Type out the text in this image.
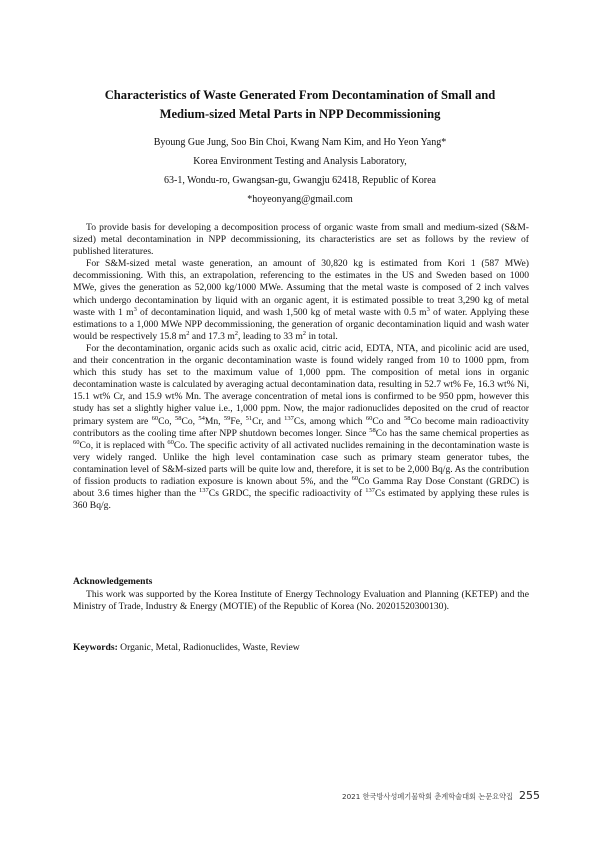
Characteristics of Waste Generated From Decontamination of Small and
Medium-sized Metal Parts in NPP Decommissioning
Byoung Gue Jung, Soo Bin Choi, Kwang Nam Kim, and Ho Yeon Yang*
Korea Environment Testing and Analysis Laboratory,
63-1, Wondu-ro, Gwangsan-gu, Gwangju 62418, Republic of Korea
*hoyeonyang@gmail.com

To provide basis for developing a decomposition process of organic waste from small and medium-sized (S&M-sized) metal decontamination in NPP decommissioning, its characteristics are set as follows by the review of published literatures.

For S&M-sized metal waste generation, an amount of 30,820 kg is estimated from Kori 1 (587 MWe) decommissioning. With this, an extrapolation, referencing to the estimates in the US and Sweden based on 1000 MWe, gives the generation as 52,000 kg/1000 MWe. Assuming that the metal waste is composed of 2 inch valves which undergo decontamination by liquid with an organic agent, it is estimated possible to treat 3,290 kg of metal waste with 1 $m^3$ of decontamination liquid, and wash 1,500 kg of metal waste with 0.5 $m^3$ of water. Applying these estimations to a 1,000 MWe NPP decommissioning, the generation of organic decontamination liquid and wash water would be respectively 15.8 $m^2$ and 17.3 $m^2$, leading to 33 $m^2$ in total.

For the decontamination, organic acids such as oxalic acid, citric acid, EDTA, NTA, and picolinic acid are used, and their concentration in the organic decontamination waste is found widely ranged from 10 to 1000 ppm, from which this study has set to the maximum value of 1,000 ppm. The composition of metal ions in organic decontamination waste is calculated by averaging actual decontamination data, resulting in 52.7 wt% Fe, 16.3 wt% Ni, 15.1 wt% Cr, and 15.9 wt% Mn. The average concentration of metal ions is confirmed to be 950 ppm, however this study has set a slightly higher value i.e., 1,000 ppm. Now, the major radionuclides deposited on the crud of reactor primary system are $^{60}$Co, $^{58}$Co, $^{54}$Mn, $^{59}$Fe, $^{51}$Cr, and $^{137}$Cs, among which $^{60}$Co and $^{58}$Co become main radioactivity contributors as the cooling time after NPP shutdown becomes longer. Since $^{58}$Co has the same chemical properties as $^{60}$Co, it is replaced with $^{60}$Co. The specific activity of all activated nuclides remaining in the decontamination waste is very widely ranged. Unlike the high level contamination case such as primary steam generator tubes, the contamination level of S&M-sized parts will be quite low and, therefore, it is set to be 2,000 Bq/g. As the contribution of fission products to radiation exposure is known about 5%, and the $^{60}$Co Gamma Ray Dose Constant (GRDC) is about 3.6 times higher than the $^{137}$Cs GRDC, the specific radioactivity of $^{137}$Cs estimated by applying these rules is 360 Bq/g.

Acknowledgements

This work was supported by the Korea Institute of Energy Technology Evaluation and Planning (KETEP) and the Ministry of Trade, Industry & Energy (MOTIE) of the Republic of Korea (No. 20201520300130).

Keywords: Organic, Metal, Radionuclides, Waste, Review
2021 한국방사성폐기물학회 춘계학술대회 논문요약집 255
